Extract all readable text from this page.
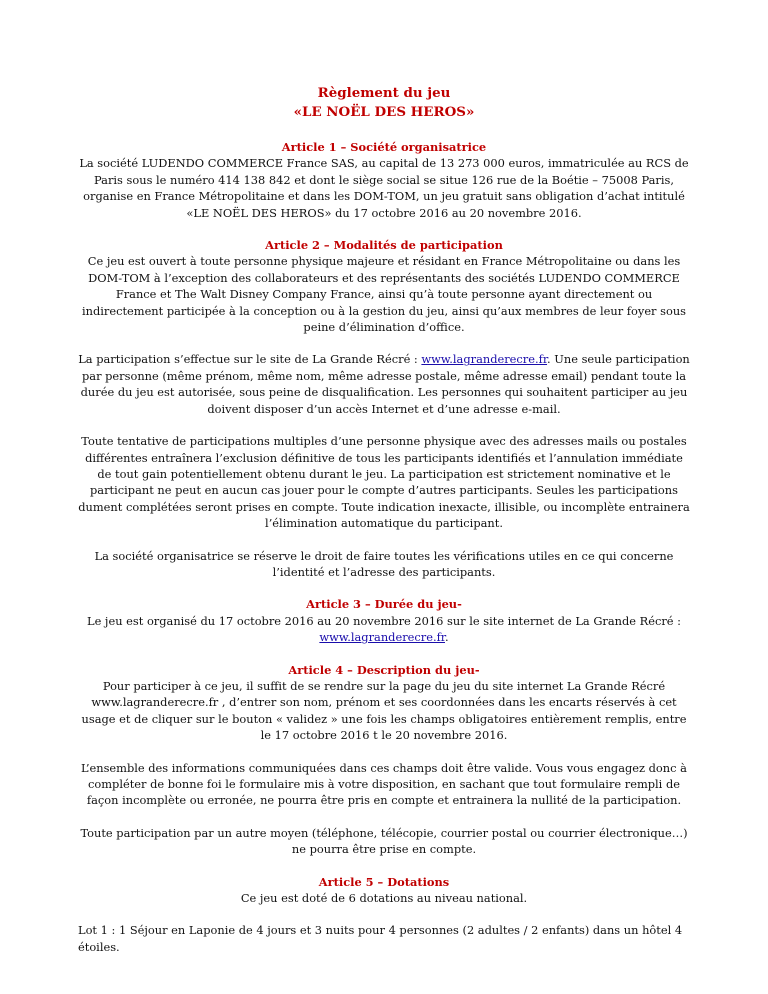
Règlement du jeu
«LE NOËL DES HEROS»
Article 1 – Société organisatrice

La société LUDENDO COMMERCE France SAS, au capital de 13 273 000 euros, immatriculée au RCS de Paris sous le numéro 414 138 842 et dont le siège social se situe 126 rue de la Boétie – 75008 Paris, organise en France Métropolitaine et dans les DOM-TOM, un jeu gratuit sans obligation d’achat intitulé «LE NOËL DES HEROS» du 17 octobre 2016 au 20 novembre 2016.

Article 2 – Modalités de participation

Ce jeu est ouvert à toute personne physique majeure et résidant en France Métropolitaine ou dans les DOM-TOM à l’exception des collaborateurs et des représentants des sociétés LUDENDO COMMERCE France et The Walt Disney Company France, ainsi qu’à toute personne ayant directement ou indirectement participée à la conception ou à la gestion du jeu, ainsi qu’aux membres de leur foyer sous peine d’élimination d’office.

La participation s’effectue sur le site de La Grande Récré : www.lagranderecre.fr. Une seule participation par personne (même prénom, même nom, même adresse postale, même adresse email) pendant toute la durée du jeu est autorisée, sous peine de disqualification. Les personnes qui souhaitent participer au jeu doivent disposer d’un accès Internet et d’une adresse e-mail.

Toute tentative de participations multiples d’une personne physique avec des adresses mails ou postales différentes entraînera l’exclusion définitive de tous les participants identifiés et l’annulation immédiate de tout gain potentiellement obtenu durant le jeu. La participation est strictement nominative et le participant ne peut en aucun cas jouer pour le compte d’autres participants. Seules les participations dument complétées seront prises en compte. Toute indication inexacte, illisible, ou incomplète entrainera l’élimination automatique du participant.

La société organisatrice se réserve le droit de faire toutes les vérifications utiles en ce qui concerne l’identité et l’adresse des participants.

Article 3 – Durée du jeu-

Le jeu est organisé du 17 octobre 2016 au 20 novembre 2016 sur le site internet de La Grande Récré : www.lagranderecre.fr.

Article 4 – Description du jeu-

Pour participer à ce jeu, il suffit de se rendre sur la page du jeu du site internet La Grande Récré www.lagranderecre.fr , d’entrer son nom, prénom et ses coordonnées dans les encarts réservés à cet usage et de cliquer sur le bouton « validez » une fois les champs obligatoires entièrement remplis, entre le 17 octobre 2016 t le 20 novembre 2016.

L’ensemble des informations communiquées dans ces champs doit être valide. Vous vous engagez donc à compléter de bonne foi le formulaire mis à votre disposition, en sachant que tout formulaire rempli de façon incomplète ou erronée, ne pourra être pris en compte et entrainera la nullité de la participation.

Toute participation par un autre moyen (téléphone, télécopie, courrier postal ou courrier électronique…) ne pourra être prise en compte.

Article 5 – Dotations

Ce jeu est doté de 6 dotations au niveau national.

Lot 1 : 1 Séjour en Laponie de 4 jours et 3 nuits pour 4 personnes (2 adultes / 2 enfants) dans un hôtel 4 étoiles.
